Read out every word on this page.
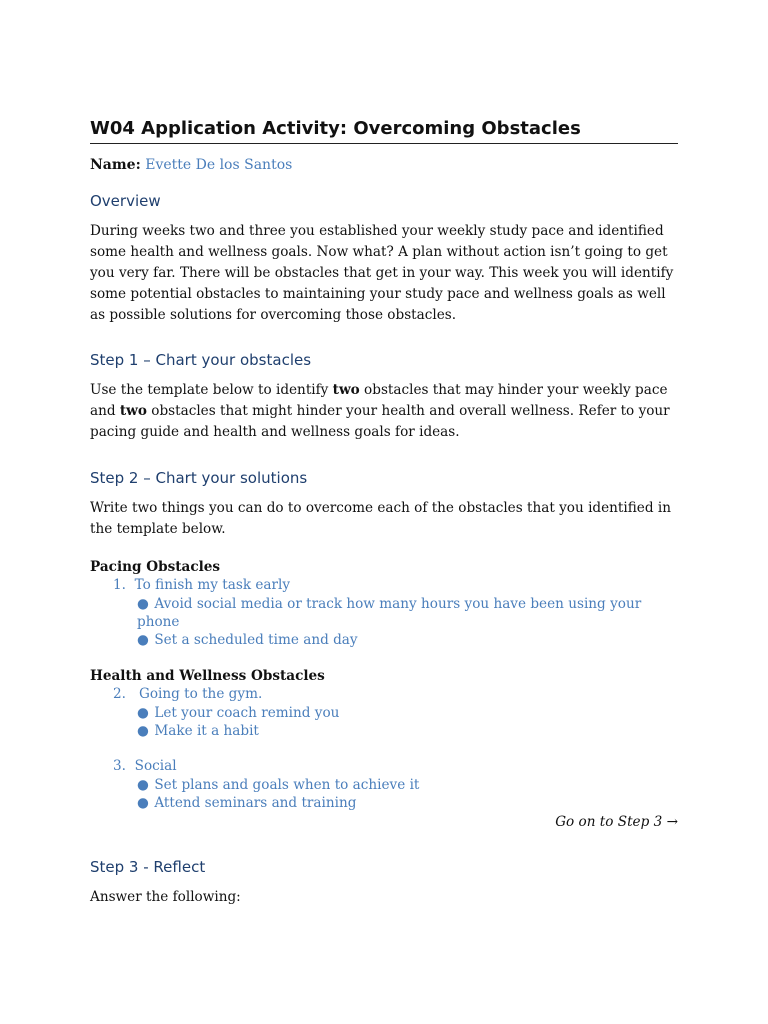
W04 Application Activity: Overcoming Obstacles
Name: Evette De los Santos
Overview

During weeks two and three you established your weekly study pace and identified some health and wellness goals. Now what? A plan without action isn’t going to get you very far. There will be obstacles that get in your way. This week you will identify some potential obstacles to maintaining your study pace and wellness goals as well as possible solutions for overcoming those obstacles.

Step 1 – Chart your obstacles

Use the template below to identify two obstacles that may hinder your weekly pace and two obstacles that might hinder your health and overall wellness. Refer to your pacing guide and health and wellness goals for ideas.

Step 2 – Chart your solutions

Write two things you can do to overcome each of the obstacles that you identified in the template below.

Pacing Obstacles
1. To finish my task early
● Avoid social media or track how many hours you have been using your phone
● Set a scheduled time and day
Health and Wellness Obstacles
2.   Going to the gym.
● Let your coach remind you
● Make it a habit
3. Social
● Set plans and goals when to achieve it
● Attend seminars and training
Go on to Step 3 →
Step 3 - Reflect

Answer the following:
